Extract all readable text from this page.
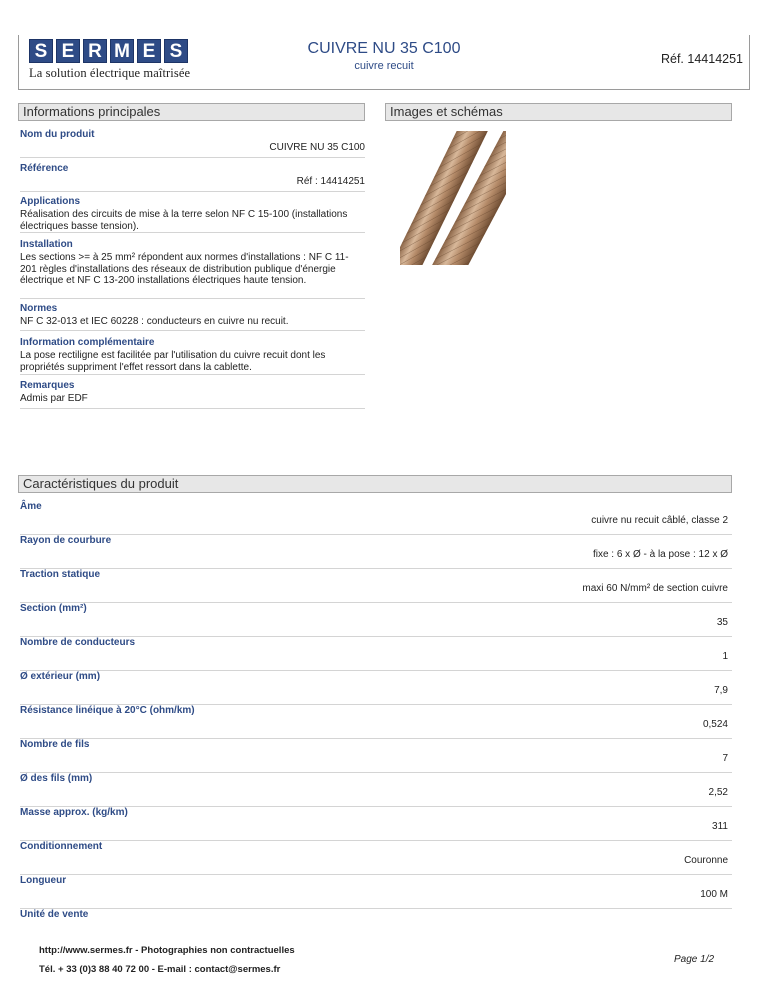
S E R M E S
La solution électrique maîtrisée
CUIVRE NU 35 C100
cuivre recuit	Réf. 14414251
Informations principales
Nom du produit
CUIVRE NU 35 C100
Référence
Réf : 14414251
Applications
Réalisation des circuits de mise à la terre selon NF C 15-100 (installations électriques basse tension).
Installation
Les sections >= à 25 mm² répondent aux normes d'installations : NF C 11-201 règles d'installations des réseaux de distribution publique d'énergie électrique et NF C 13-200 installations électriques haute tension.
Normes
NF C 32-013 et IEC 60228 : conducteurs en cuivre nu recuit.
Information complémentaire
La pose rectiligne est facilitée par l'utilisation du cuivre recuit dont les propriétés suppriment l'effet ressort dans la cablette.
Remarques
Admis par EDF
Images et schémas
Caractéristiques du produit
Âme
cuivre nu recuit câblé, classe 2
Rayon de courbure
fixe : 6 x Ø - à la pose : 12 x Ø
Traction statique
maxi 60 N/mm² de section cuivre
Section (mm²)
35
Nombre de conducteurs
1
Ø extérieur (mm)
7,9
Résistance linéique à 20°C (ohm/km)
0,524
Nombre de fils
7
Ø des fils (mm)
2,52
Masse approx. (kg/km)
311
Conditionnement
Couronne
Longueur
100 M
Unité de vente
http://www.sermes.fr - Photographies non contractuelles
Tél. + 33 (0)3 88 40 72 00 - E-mail : contact@sermes.fr
Page 1/2
